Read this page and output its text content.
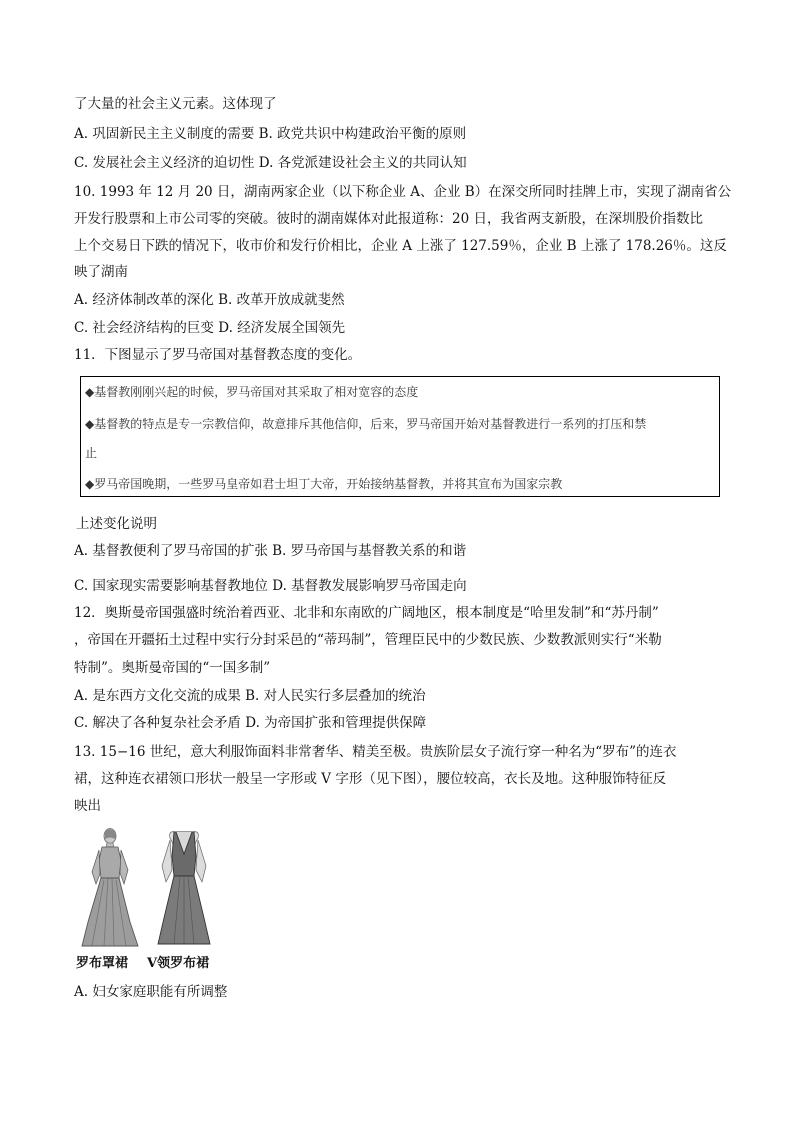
了大量的社会主义元素。这体现了
A. 巩固新民主主义制度的需要 B. 政党共识中构建政治平衡的原则
C. 发展社会主义经济的迫切性 D. 各党派建设社会主义的共同认知
10. 1993 年 12 月 20 日，湖南两家企业（以下称企业 A、企业 B）在深交所同时挂牌上市，实现了湖南省公
开发行股票和上市公司零的突破。彼时的湖南媒体对此报道称：20 日，我省两支新股，在深圳股价指数比
上个交易日下跌的情况下，收市价和发行价相比，企业 A 上涨了 127.59％，企业 B 上涨了 178.26％。这反
映了湖南
A. 经济体制改革的深化 B. 改革开放成就斐然
C. 社会经济结构的巨变 D. 经济发展全国领先
11．下图显示了罗马帝国对基督教态度的变化。
◆基督教刚刚兴起的时候，罗马帝国对其采取了相对宽容的态度
◆基督教的特点是专一宗教信仰，故意排斥其他信仰，后来，罗马帝国开始对基督教进行一系列的打压和禁
止
◆罗马帝国晚期，一些罗马皇帝如君士坦丁大帝，开始接纳基督教，并将其宣布为国家宗教
上述变化说明
A. 基督教便利了罗马帝国的扩张 B. 罗马帝国与基督教关系的和谐
C. 国家现实需要影响基督教地位 D. 基督教发展影响罗马帝国走向
12．奥斯曼帝国强盛时统治着西亚、北非和东南欧的广阔地区，根本制度是“哈里发制”和“苏丹制”
，帝国在开疆拓土过程中实行分封采邑的“蒂玛制”，管理臣民中的少数民族、少数教派则实行“米勒
特制”。奥斯曼帝国的“一国多制”
A. 是东西方文化交流的成果 B. 对人民实行多层叠加的统治
C. 解决了各种复杂社会矛盾 D. 为帝国扩张和管理提供保障
13. 15−16 世纪，意大利服饰面料非常奢华、精美至极。贵族阶层女子流行穿一种名为“罗布”的连衣
裙，这种连衣裙领口形状一般呈一字形或 V 字形（见下图），腰位较高，衣长及地。这种服饰特征反
映出
罗布罩裙 V领罗布裙
A. 妇女家庭职能有所调整
